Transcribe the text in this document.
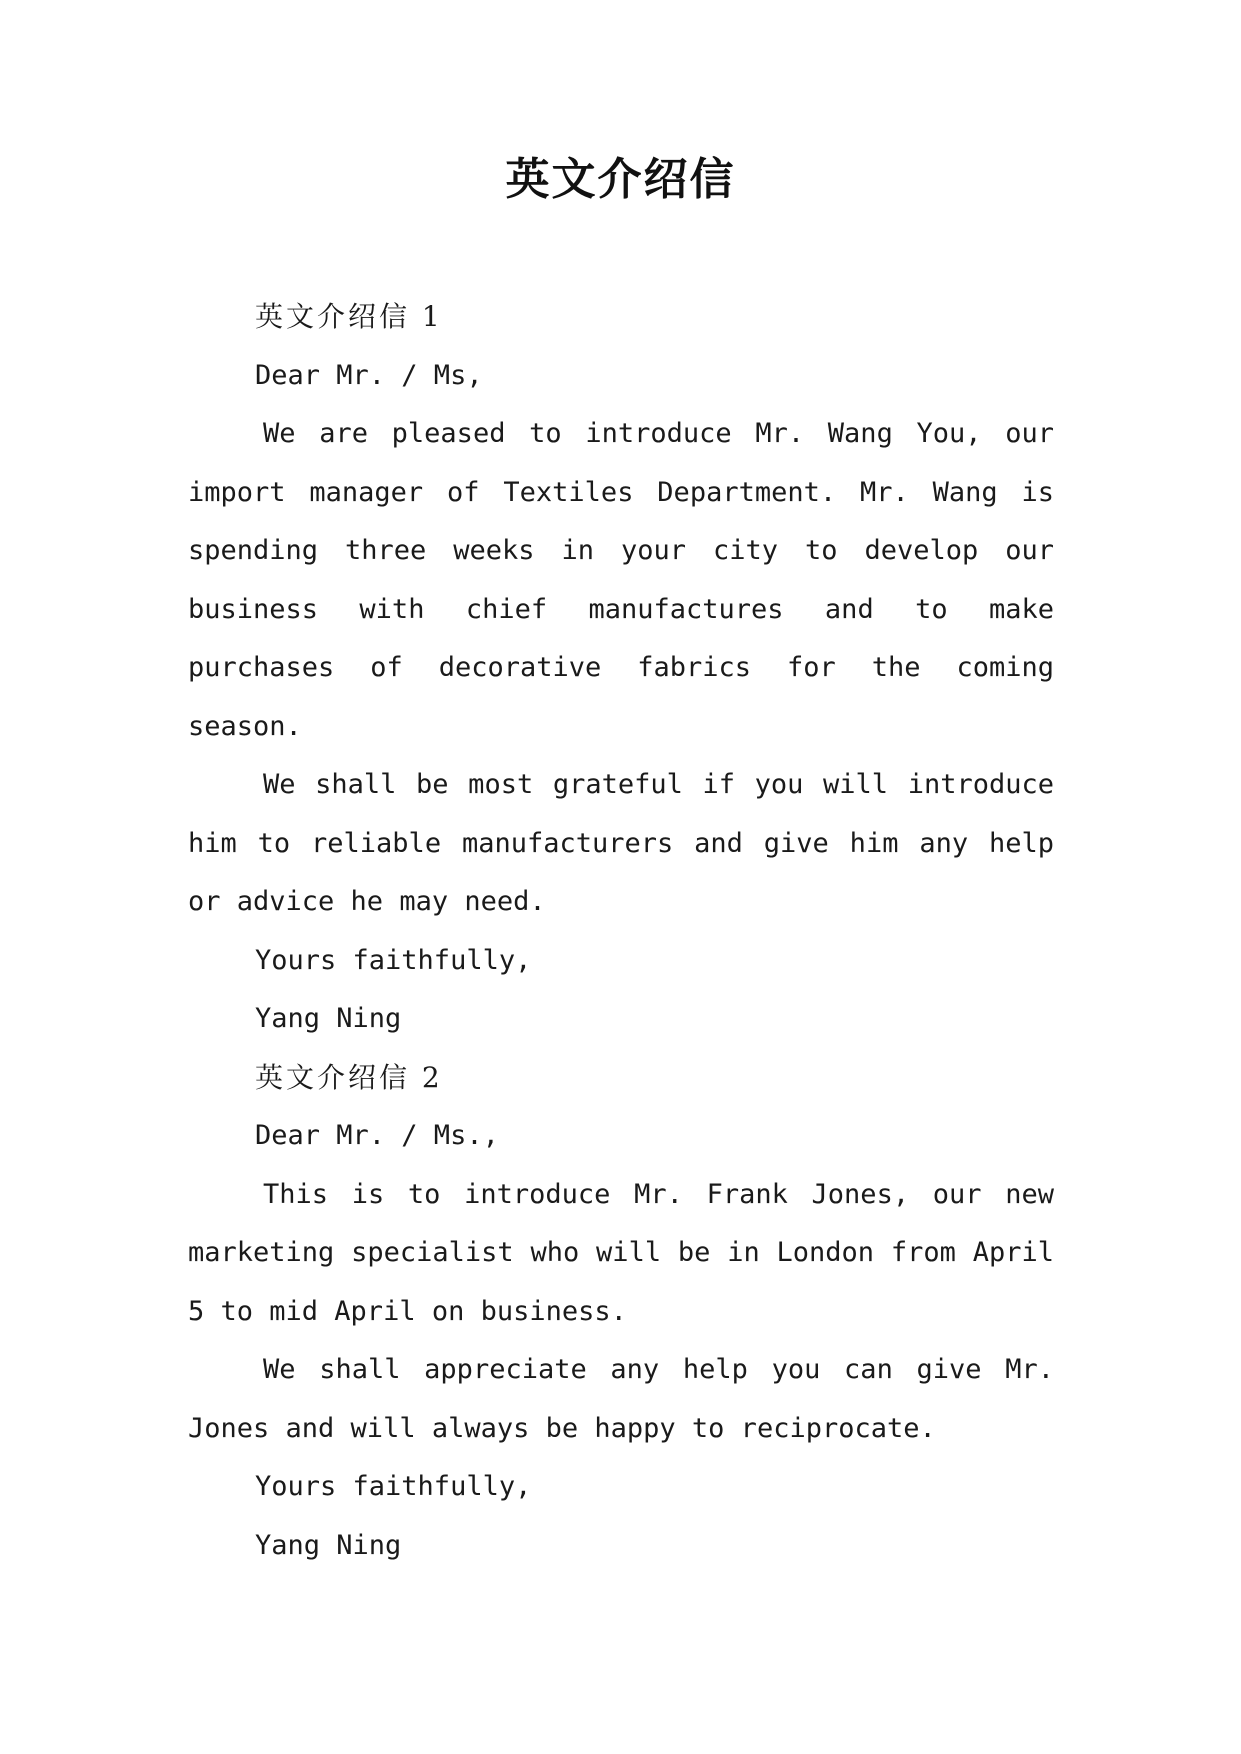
英文介绍信

英文介绍信 1

Dear Mr. / Ms,

We are pleased to introduce Mr. Wang You, our import manager of Textiles Department. Mr. Wang is spending three weeks in your city to develop our business with chief manufactures and to make purchases of decorative fabrics for the coming season.

We shall be most grateful if you will introduce him to reliable manufacturers and give him any help or advice he may need.

Yours faithfully,

Yang Ning

英文介绍信 2

Dear Mr. / Ms.,

This is to introduce Mr. Frank Jones, our new marketing specialist who will be in London from April 5 to mid April on business.

We shall appreciate any help you can give Mr. Jones and will always be happy to reciprocate.

Yours faithfully,

Yang Ning
